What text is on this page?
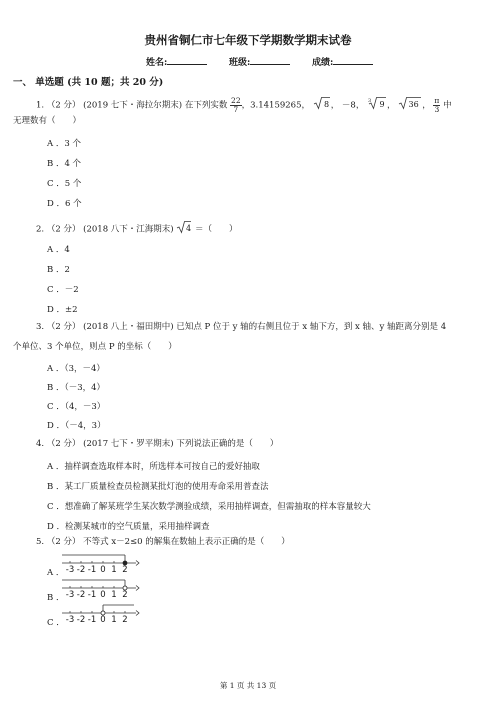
贵州省铜仁市七年级下学期数学期末试卷
姓名:	班级:	成绩:
一、 单选题 (共 10 题；共 20 分)
1. （2 分） (2019 七下・海拉尔期末) 在下列实数 $\frac{22}{7}$ ，3.14159265， 8 ， －8， 3 9 ， 36 ， $\frac{\pi}{3}$ 中
无理数有（　　）
A ．3 个
B ．4 个
C ．5 个
D ．6 个
2. （2 分） (2018 八下・江海期末) 4 ＝（　　）
A ．4
B ．2
C ．－2
D ．±2
3. （2 分） (2018 八上・福田期中) 已知点 P 位于 y 轴的右侧且位于 x 轴下方，到 x 轴、y 轴距离分别是 4
个单位、3 个单位，则点 P 的坐标（　　）
A ．（3，－4）
B ．（－3，4）
C ．（4，－3）
D ．（－4，3）
4. （2 分） (2017 七下・罗平期末) 下列说法正确的是（　　）
A ．抽样调查选取样本时，所选样本可按自己的爱好抽取
B ．某工厂质量检查员检测某批灯泡的使用寿命采用普查法
C ．想准确了解某班学生某次数学测验成绩，采用抽样调查，但需抽取的样本容量较大
D ．检测某城市的空气质量，采用抽样调查
5. （2 分） 不等式 x－2≤0 的解集在数轴上表示正确的是（　　）
A ． -3 -2 -1 0 1 2
B ． -3 -2 -1 0 1 2
C ． -3 -2 -1 0 1 2
第 1 页 共 13 页
